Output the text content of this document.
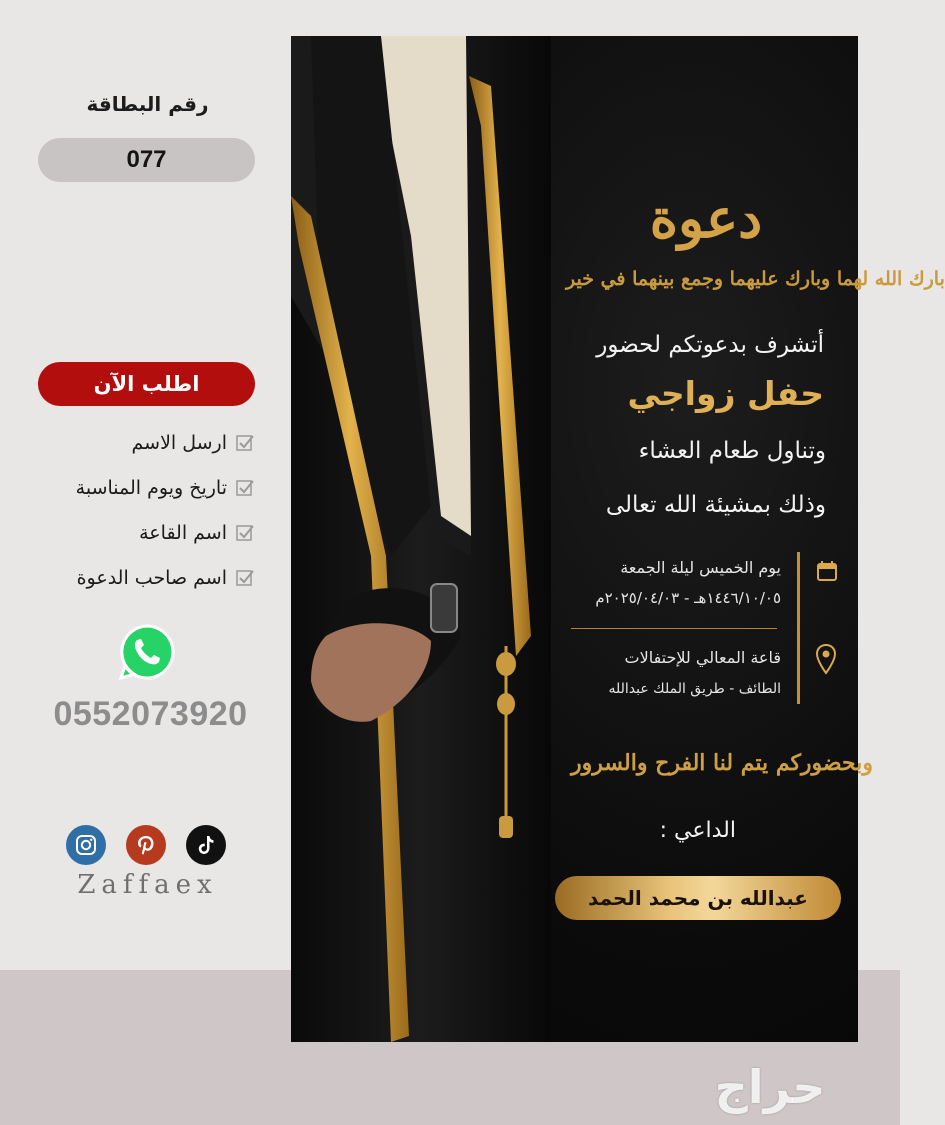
رقم البطاقة
077
اطلب الآن
ارسل الاسم
تاريخ ويوم المناسبة
اسم القاعة
اسم صاحب الدعوة
0552073920
Zaffaex
دعوة
بارك الله لهما وبارك عليهما وجمع بينهما في خير
أتشرف بدعوتكم لحضور
حفل زواجي
وتناول طعام العشاء
وذلك بمشيئة الله تعالى
يوم الخميس ليلة الجمعة
١٤٤٦/١٠/٠٥هـ - ٢٠٢٥/٠٤/٠٣م
قاعة المعالي للإحتفالات
الطائف - طريق الملك عبدالله
وبحضوركم يتم لنا الفرح والسرور
الداعي :
عبدالله بن محمد الحمد
حراج
